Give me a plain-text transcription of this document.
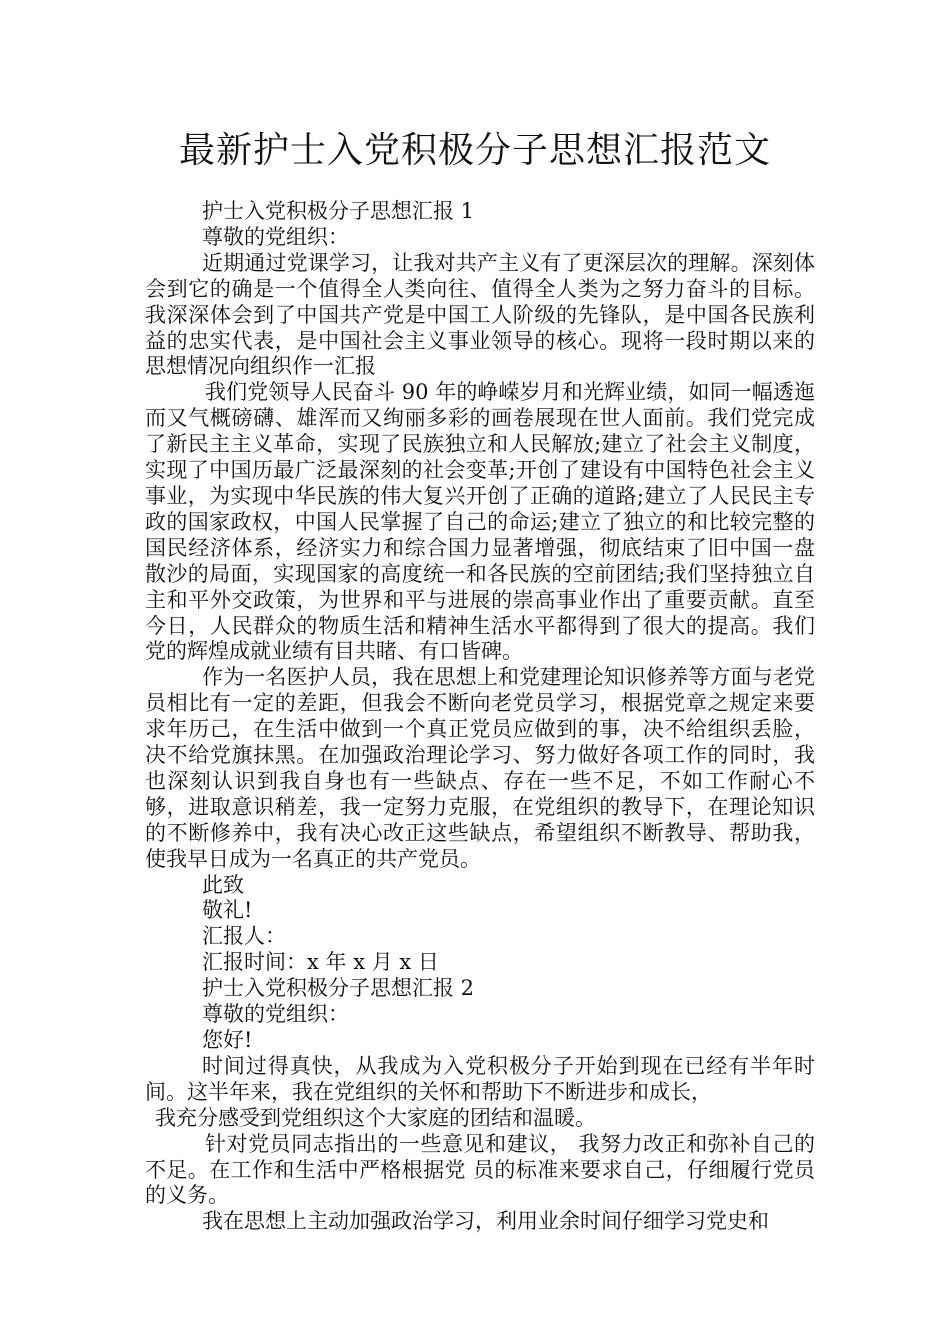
最新护士入党积极分子思想汇报范文

护士入党积极分子思想汇报 1

尊敬的党组织：

近期通过党课学习，让我对共产主义有了更深层次的理解。深刻体会到它的确是一个值得全人类向往、值得全人类为之努力奋斗的目标。我深深体会到了中国共产党是中国工人阶级的先锋队，是中国各民族利益的忠实代表，是中国社会主义事业领导的核心。现将一段时期以来的思想情况向组织作一汇报

我们党领导人民奋斗 90 年的峥嵘岁月和光辉业绩，如同一幅透迤而又气概磅礴、雄浑而又绚丽多彩的画卷展现在世人面前。我们党完成了新民主主义革命，实现了民族独立和人民解放;建立了社会主义制度，实现了中国历最广泛最深刻的社会变革;开创了建设有中国特色社会主义事业，为实现中华民族的伟大复兴开创了正确的道路;建立了人民民主专政的国家政权，中国人民掌握了自己的命运;建立了独立的和比较完整的国民经济体系，经济实力和综合国力显著增强，彻底结束了旧中国一盘散沙的局面，实现国家的高度统一和各民族的空前团结;我们坚持独立自主和平外交政策，为世界和平与进展的崇高事业作出了重要贡献。直至今日，人民群众的物质生活和精神生活水平都得到了很大的提高。我们党的辉煌成就业绩有目共睹、有口皆碑。

作为一名医护人员，我在思想上和党建理论知识修养等方面与老党员相比有一定的差距，但我会不断向老党员学习，根据党章之规定来要求年历己，在生活中做到一个真正党员应做到的事，决不给组织丢脸，决不给党旗抹黑。在加强政治理论学习、努力做好各项工作的同时，我也深刻认识到我自身也有一些缺点、存在一些不足，不如工作耐心不够，进取意识稍差，我一定努力克服，在党组织的教导下，在理论知识的不断修养中，我有决心改正这些缺点，希望组织不断教导、帮助我，使我早日成为一名真正的共产党员。

此致

敬礼!

汇报人：

汇报时间：x 年 x 月 x 日

护士入党积极分子思想汇报 2

尊敬的党组织：

您好!

时间过得真快，从我成为入党积极分子开始到现在已经有半年时间。这半年来，我在党组织的关怀和帮助下不断进步和成长，

我充分感受到党组织这个大家庭的团结和温暖。

针对党员同志指出的一些意见和建议， 我努力改正和弥补自己的不足。在工作和生活中严格根据党 员的标准来要求自己，仔细履行党员的义务。

我在思想上主动加强政治学习，利用业余时间仔细学习党史和
